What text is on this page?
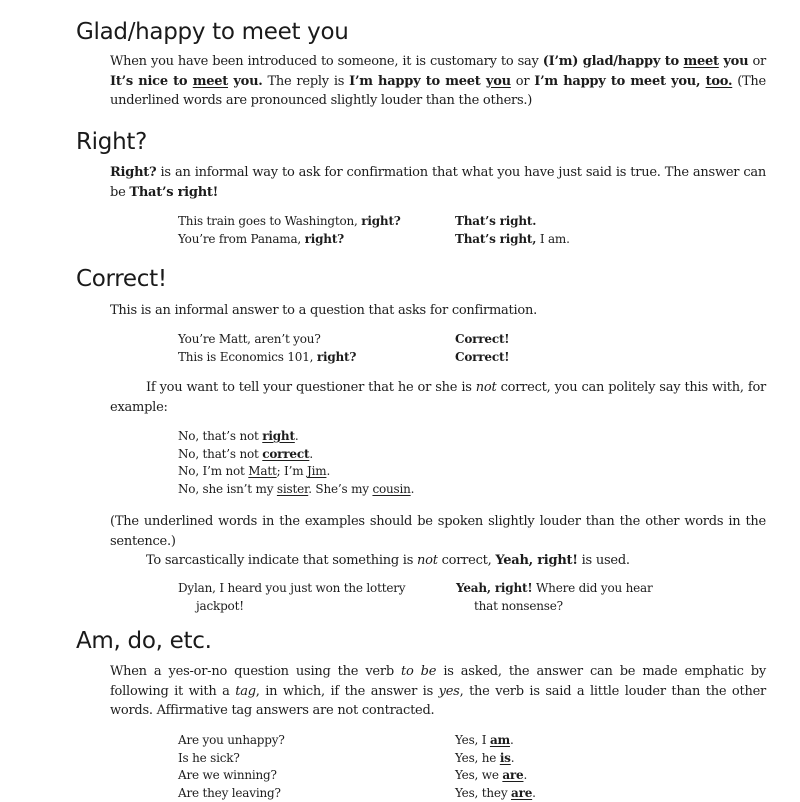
Glad/happy to meet you

When you have been introduced to someone, it is customary to say (I’m) glad/happy to meet you or It’s nice to meet you. The reply is I’m happy to meet you or I’m happy to meet you, too. (The underlined words are pronounced slightly louder than the others.)

Right?

Right? is an informal way to ask for confirmation that what you have just said is true. The answer can be That’s right!

This train goes to Washington, right?
You’re from Panama, right?
That’s right.
That’s right, I am.
Correct!

This is an informal answer to a question that asks for confirmation.

You’re Matt, aren’t you?
This is Economics 101, right?
Correct!
Correct!

If you want to tell your questioner that he or she is not correct, you can politely say this with, for example:

No, that’s not right.
No, that’s not correct.
No, I’m not Matt; I’m Jim.
No, she isn’t my sister. She’s my cousin.

(The underlined words in the examples should be spoken slightly louder than the other words in the sentence.)

To sarcastically indicate that something is not correct, Yeah, right! is used.

Dylan, I heard you just won the lottery
jackpot!
Yeah, right! Where did you hear
that nonsense?
Am, do, etc.

When a yes-or-no question using the verb to be is asked, the answer can be made emphatic by following it with a tag, in which, if the answer is yes, the verb is said a little louder than the other words. Affirmative tag answers are not contracted.

Are you unhappy?
Is he sick?
Are we winning?
Are they leaving?
Yes, I am.
Yes, he is.
Yes, we are.
Yes, they are.
